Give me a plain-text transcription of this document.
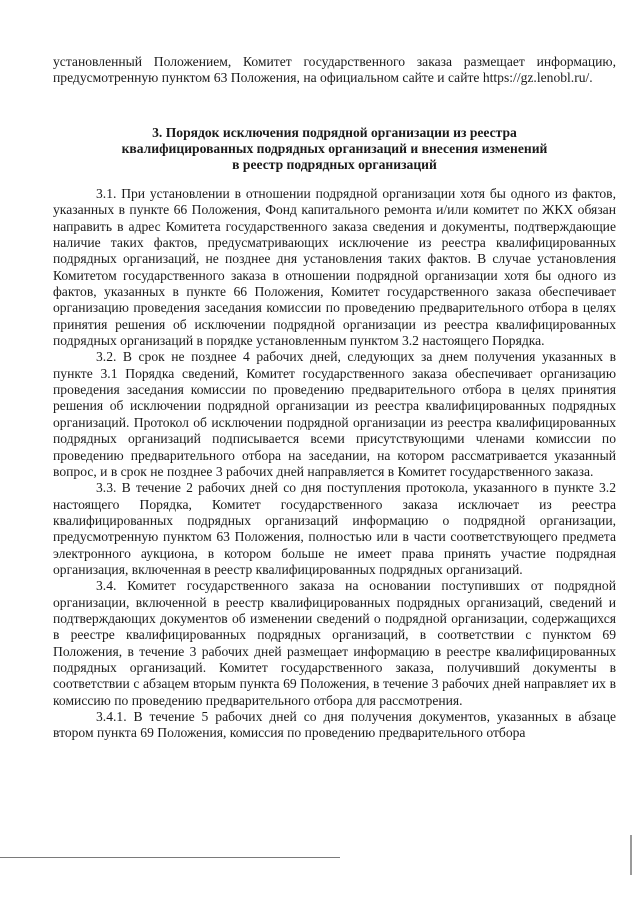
установленный Положением, Комитет государственного заказа размещает информацию, предусмотренную пунктом 63 Положения, на официальном сайте и сайте https://gz.lenobl.ru/.

3. Порядок исключения подрядной организации из реестра
квалифицированных подрядных организаций и внесения изменений
в реестр подрядных организаций

3.1. При установлении в отношении подрядной организации хотя бы одного из фактов, указанных в пункте 66 Положения, Фонд капитального ремонта и/или комитет по ЖКХ обязан направить в адрес Комитета государственного заказа сведения и документы, подтверждающие наличие таких фактов, предусматривающих исключение из реестра квалифицированных подрядных организаций, не позднее дня установления таких фактов. В случае установления Комитетом государственного заказа в отношении подрядной организации хотя бы одного из фактов, указанных в пункте 66 Положения, Комитет государственного заказа обеспечивает организацию проведения заседания комиссии по проведению предварительного отбора в целях принятия решения об исключении подрядной организации из реестра квалифицированных подрядных организаций в порядке установленным пунктом 3.2 настоящего Порядка.

3.2. В срок не позднее 4 рабочих дней, следующих за днем получения указанных в пункте 3.1 Порядка сведений, Комитет государственного заказа обеспечивает организацию проведения заседания комиссии по проведению предварительного отбора в целях принятия решения об исключении подрядной организации из реестра квалифицированных подрядных организаций. Протокол об исключении подрядной организации из реестра квалифицированных подрядных организаций подписывается всеми присутствующими членами комиссии по проведению предварительного отбора на заседании, на котором рассматривается указанный вопрос, и в срок не позднее 3 рабочих дней направляется в Комитет государственного заказа.

3.3. В течение 2 рабочих дней со дня поступления протокола, указанного в пункте 3.2 настоящего Порядка, Комитет государственного заказа исключает из реестра квалифицированных подрядных организаций информацию о подрядной организации, предусмотренную пунктом 63 Положения, полностью или в части соответствующего предмета электронного аукциона, в котором больше не имеет права принять участие подрядная организация, включенная в реестр квалифицированных подрядных организаций.

3.4. Комитет государственного заказа на основании поступивших от подрядной организации, включенной в реестр квалифицированных подрядных организаций, сведений и подтверждающих документов об изменении сведений о подрядной организации, содержащихся в реестре квалифицированных подрядных организаций, в соответствии с пунктом 69 Положения, в течение 3 рабочих дней размещает информацию в реестре квалифицированных подрядных организаций. Комитет государственного заказа, получивший документы в соответствии с абзацем вторым пункта 69 Положения, в течение 3 рабочих дней направляет их в комиссию по проведению предварительного отбора для рассмотрения.

3.4.1. В течение 5 рабочих дней со дня получения документов, указанных в абзаце втором пункта 69 Положения, комиссия по проведению предварительного отбора
